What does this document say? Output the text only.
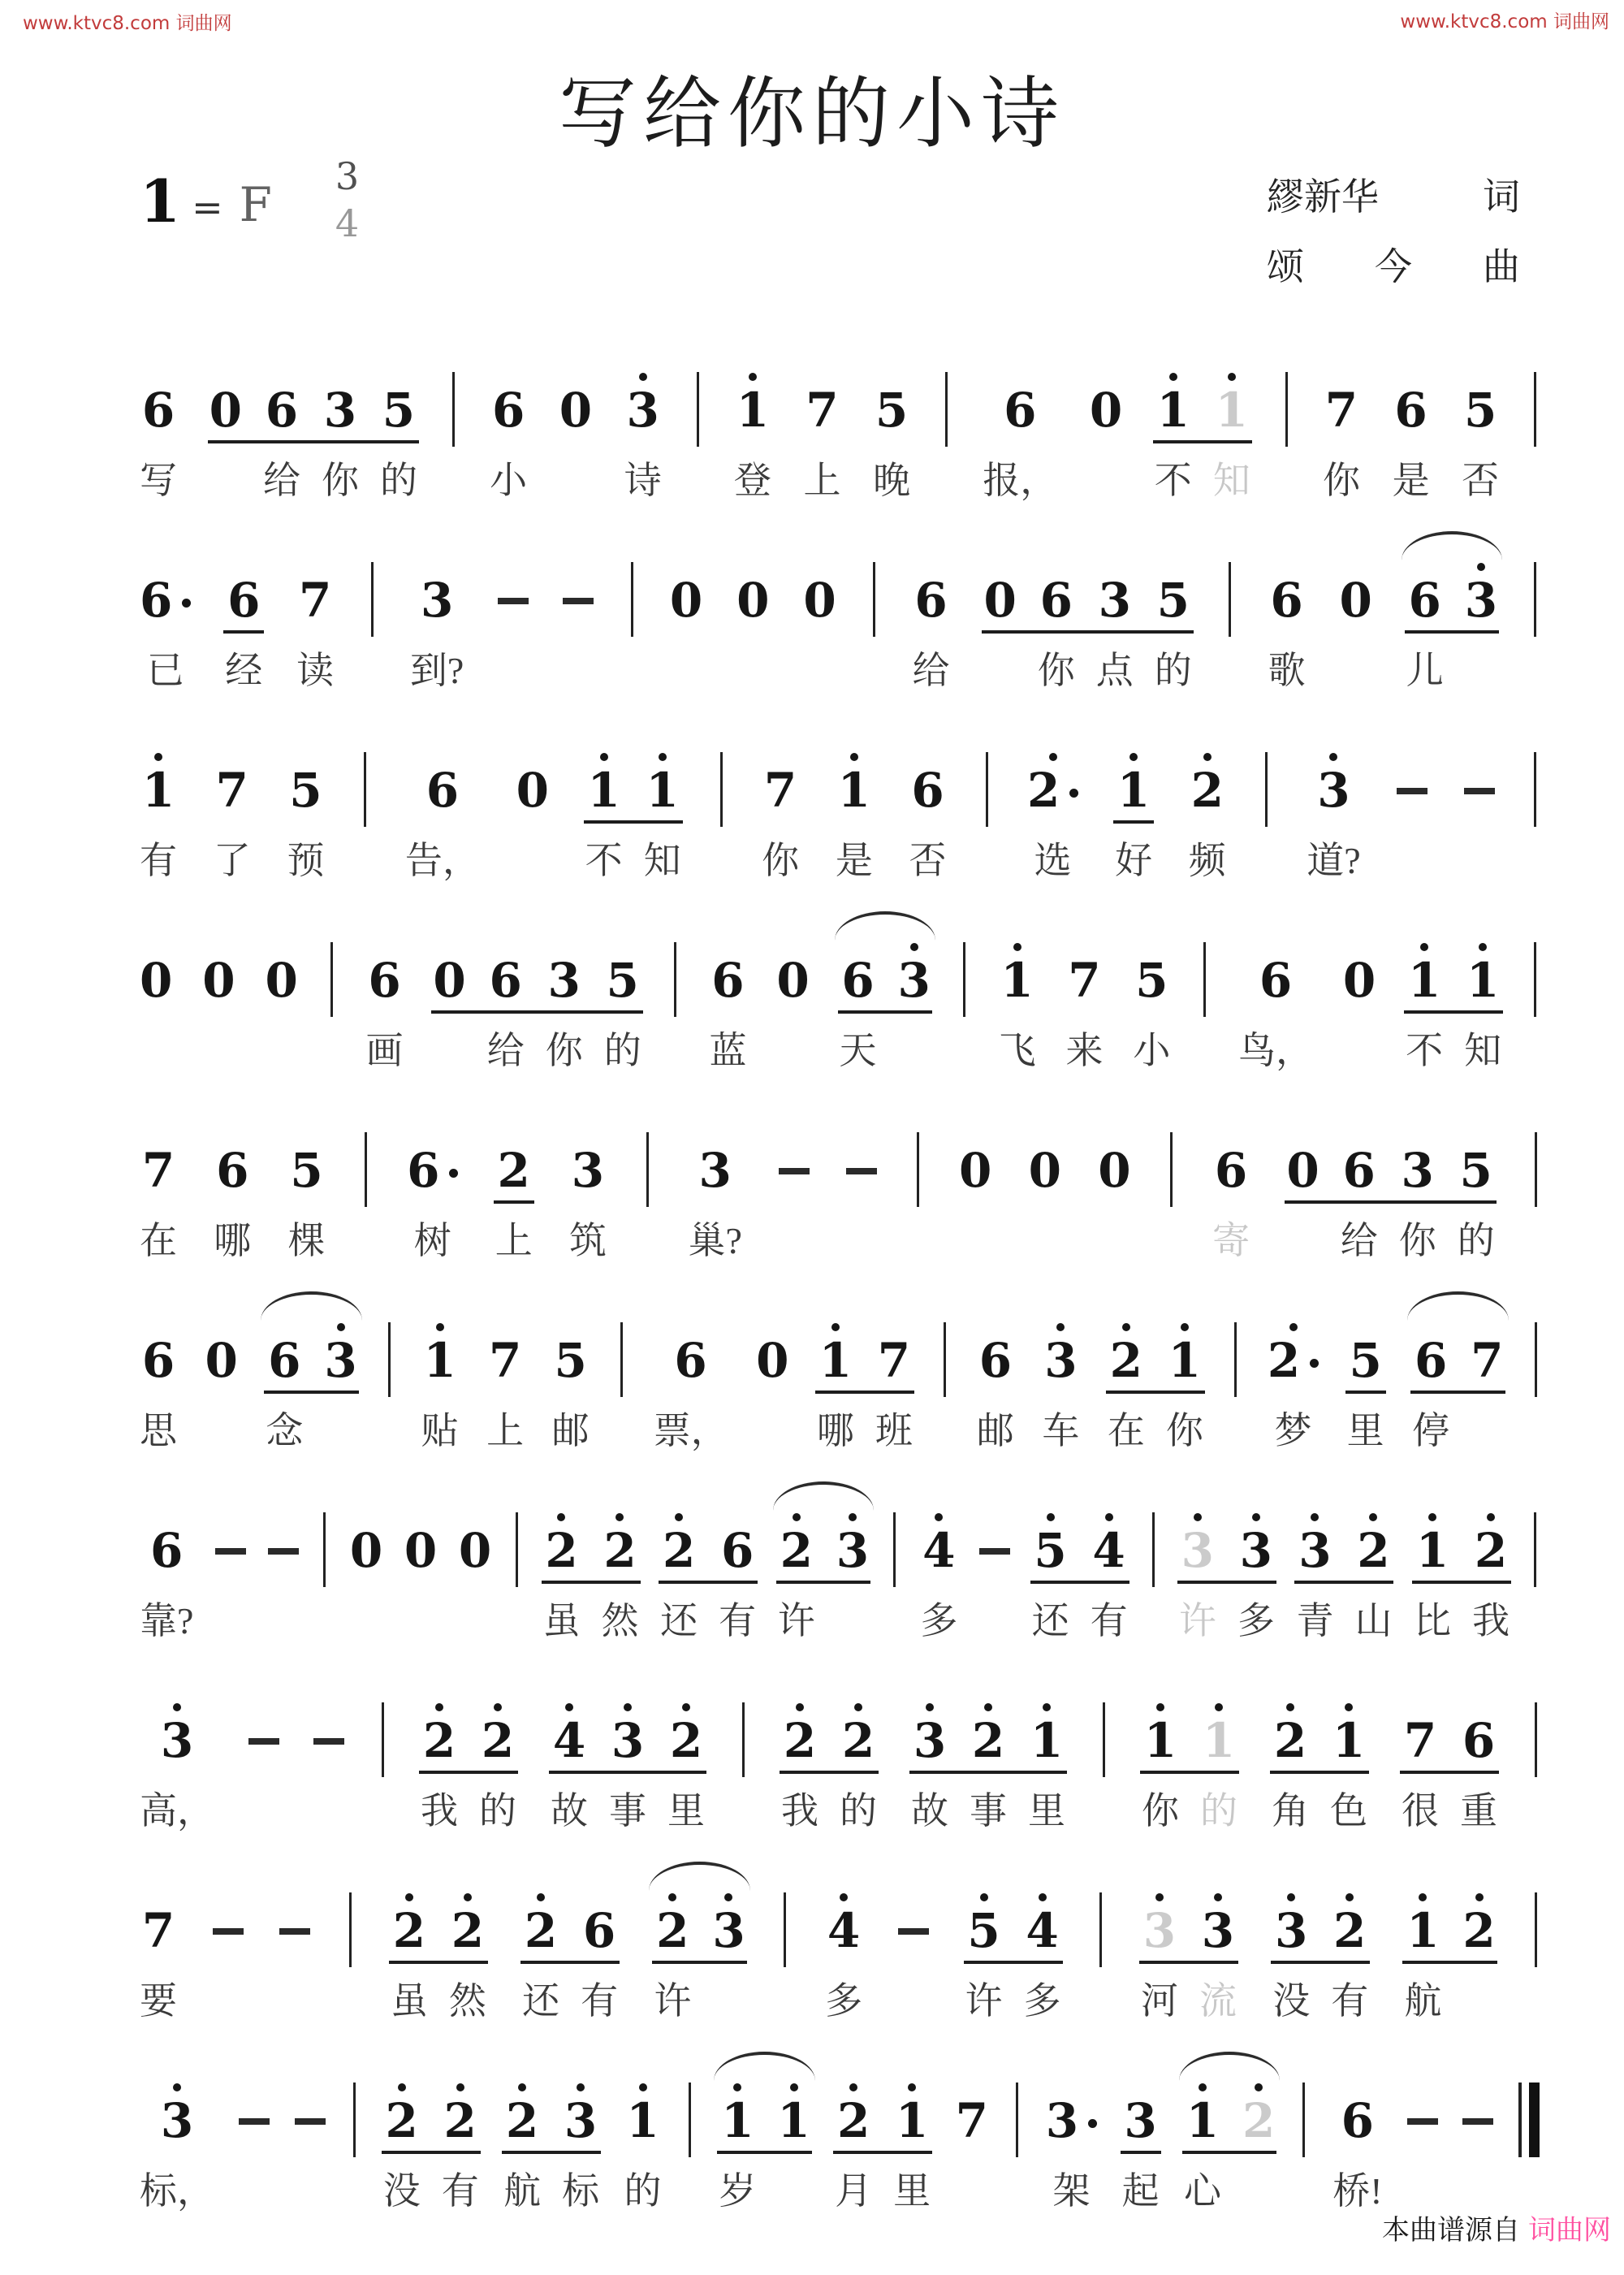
www.ktvc8.com 词曲网	www.ktvc8.com 词曲网
写给你的小诗
1 = F
3
4
繆新华	词
颂 今 曲
6
写
0 6
给
3
你
5
的
6
小
0 3
诗
1
登
7
上
5
晚
6
报，
0 1
不
1
知
7
你
6
是
5
否
6
已
6
经
7
读
3
到?
0 0 0 6
给
0 6
你
3
点
5
的
6
歌
0 6
儿
3
1
有
7
了
5
预
6
告，
0 1
不
1
知
7
你
1
是
6
否
2
选
1
好
2
频
3
道?
0 0 0 6
画
0 6
给
3
你
5
的
6
蓝
0 6
天
3 1
飞
7
来
5
小
6
鸟，
0 1
不
1
知
7
在
6
哪
5
棵
6
树
2
上
3
筑
3
巢?
0 0 0 6
寄
0 6
给
3
你
5
的
6
思
0 6
念
3 1
贴
7
上
5
邮
6
票，
0 1
哪
7
班
6
邮
3
车
2
在
1
你
2
梦
5
里
6
停
7
6
靠?
0 0 0 2
虽
2
然
2
还
6
有
2
许
3 4
多
5
还
4
有
3
许
3
多
3
青
2
山
1
比
2
我
3
高，
2
我
2
的
4
故
3
事
2
里
2
我
2
的
3
故
2
事
1
里
1
你
1
的
2
角
1
色
7
很
6
重
7
要
2
虽
2
然
2
还
6
有
2
许
3 4
多
5
许
4
多
3
河
3
流
3
没
2
有
1
航
2
3
标，
2
没
2
有
2
航
3
标
1
的
1
岁
1 2
月
1
里
7 3
架
3
起
1
心
2 6
桥!
本曲谱源自 词曲网
